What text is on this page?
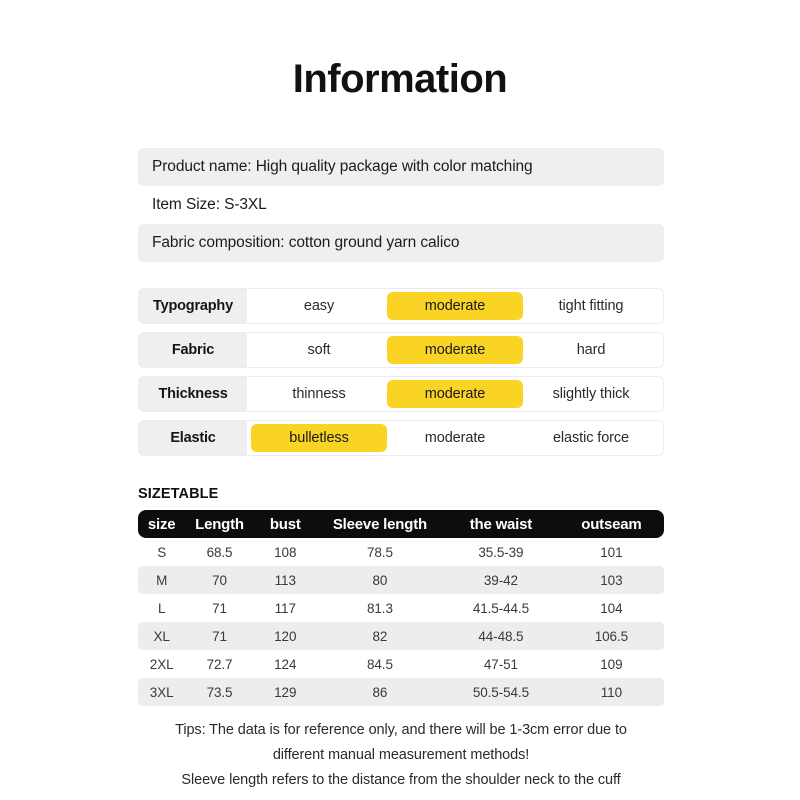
Information
Product name: High quality package with color matching
Item Size: S-3XL
Fabric composition: cotton ground yarn calico
Typography	easy	moderate	tight fitting
Fabric	soft	moderate	hard
Thickness	thinness	moderate	slightly thick
Elastic	bulletless	moderate	elastic force
SIZETABLE
size	Length	bust	Sleeve length	the waist	outseam
S	68.5	108	78.5	35.5-39	101
M	70	113	80	39-42	103
L	71	117	81.3	41.5-44.5	104
XL	71	120	82	44-48.5	106.5
2XL	72.7	124	84.5	47-51	109
3XL	73.5	129	86	50.5-54.5	110
Tips: The data is for reference only, and there will be 1-3cm error due to
different manual measurement methods!
Sleeve length refers to the distance from the shoulder neck to the cuff
